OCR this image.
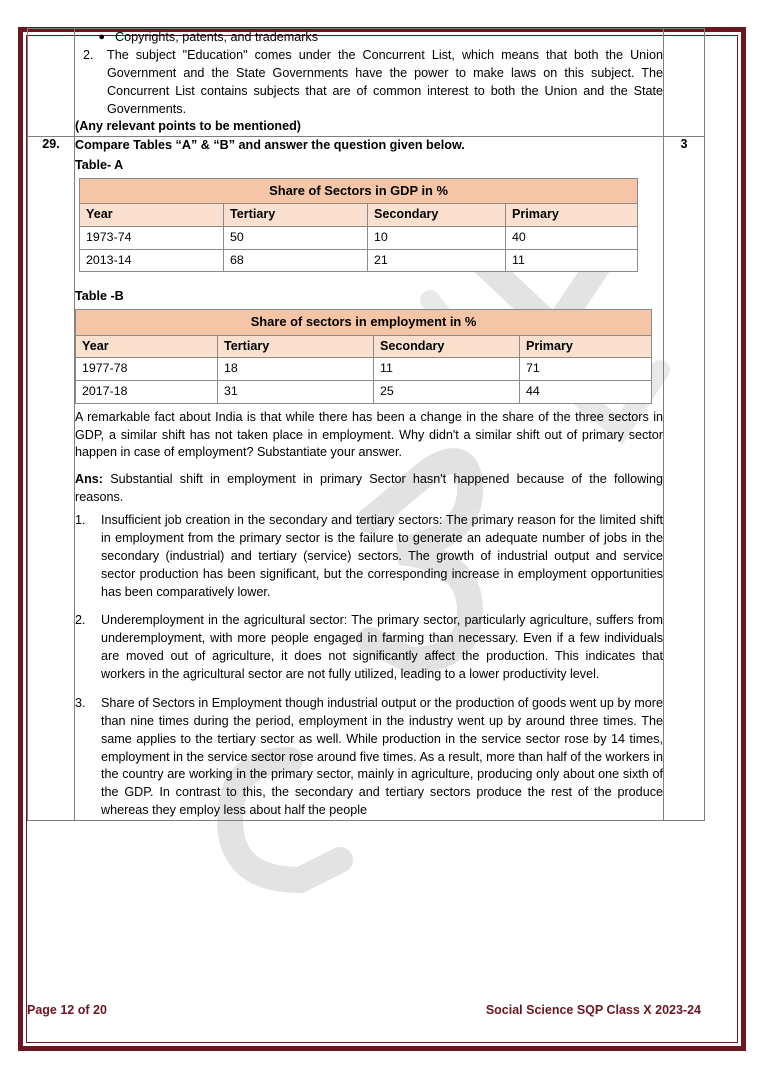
● Copyrights, patents, and trademarks
2.	The subject "Education" comes under the Concurrent List, which means that both the Union Government and the State Governments have the power to make laws on this subject. The Concurrent List contains subjects that are of common interest to both the Union and the State Governments.

(Any relevant points to be mentioned)

29.	Compare Tables “A” & “B” and answer the question given below.

Table- A
Share of Sectors in GDP in %
Year	Tertiary	Secondary	Primary
1973-74	50	10	40
2013-14	68	21	11
Table -B
Share of sectors in employment in %
Year	Tertiary	Secondary	Primary
1977-78	18	11	71
2017-18	31	25	44

A remarkable fact about India is that while there has been a change in the share of the three sectors in GDP, a similar shift has not taken place in employment. Why didn't a similar shift out of primary sector happen in case of employment? Substantiate your answer.

Ans: Substantial shift in employment in primary Sector hasn't happened because of the following reasons.

1.	Insufficient job creation in the secondary and tertiary sectors: The primary reason for the limited shift in employment from the primary sector is the failure to generate an adequate number of jobs in the secondary (industrial) and tertiary (service) sectors. The growth of industrial output and service sector production has been significant, but the corresponding increase in employment opportunities has been comparatively lower.
2.	Underemployment in the agricultural sector: The primary sector, particularly agriculture, suffers from underemployment, with more people engaged in farming than necessary. Even if a few individuals are moved out of agriculture, it does not significantly affect the production. This indicates that workers in the agricultural sector are not fully utilized, leading to a lower productivity level.
3.	Share of Sectors in Employment though industrial output or the production of goods went up by more than nine times during the period, employment in the industry went up by around three times. The same applies to the tertiary sector as well. While production in the service sector rose by 14 times, employment in the service sector rose around five times. As a result, more than half of the workers in the country are working in the primary sector, mainly in agriculture, producing only about one sixth of the GDP. In contrast to this, the secondary and tertiary sectors produce the rest of the produce whereas they employ less about half the people
	3
Page 12 of 20	Social Science SQP Class X 2023-24
